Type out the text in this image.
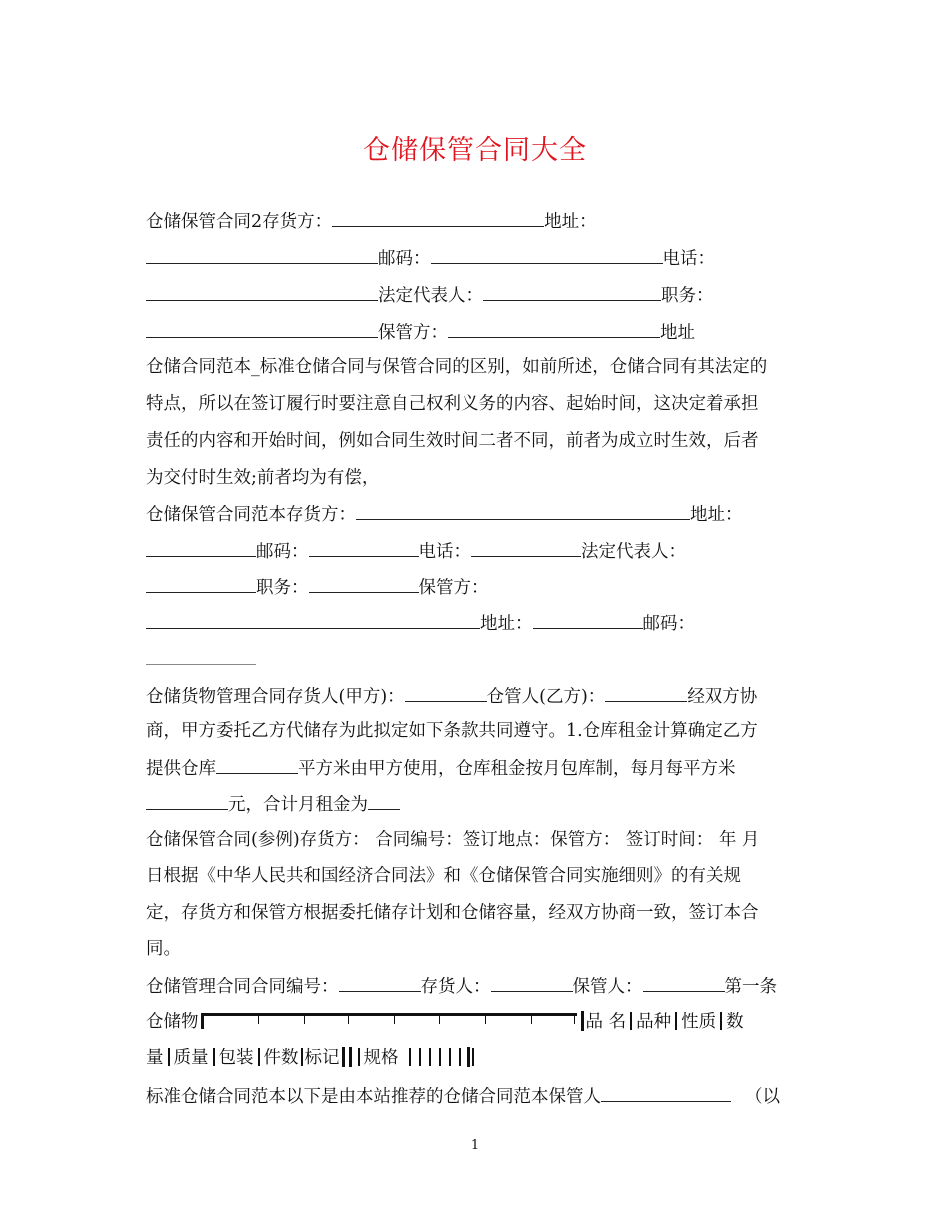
仓储保管合同大全
仓储保管合同2存货方：	地址：
邮码：	电话：
法定代表人：	职务：
保管方：	地址
仓储合同范本_标准仓储合同与保管合同的区别，如前所述，仓储合同有其法定的
特点，所以在签订履行时要注意自己权利义务的内容、起始时间，这决定着承担
责任的内容和开始时间，例如合同生效时间二者不同，前者为成立时生效，后者
为交付时生效;前者均为有偿，
仓储保管合同范本存货方：	地址：
邮码：	电话：	法定代表人：
职务：	保管方：
地址：	邮码：
仓储货物管理合同存货人(甲方)：	仓管人(乙方)：	经双方协
商，甲方委托乙方代储存为此拟定如下条款共同遵守。1.仓库租金计算确定乙方
提供仓库	平方米由甲方使用，仓库租金按月包库制，每月每平方米
元，合计月租金为
仓储保管合同(参例)存货方： 合同编号：签订地点：保管方： 签订时间： 年 月
日根据《中华人民共和国经济合同法》和《仓储保管合同实施细则》的有关规
定，存货方和保管方根据委托储存计划和仓储容量，经双方协商一致，签订本合
同。
仓储管理合同合同编号：	存货人：	保管人：	第一条
仓储物	品 名 品种 性质 数
量 质量 包装 件数 标记 规格
标准仓储合同范本以下是由本站推荐的仓储合同范本保管人	（以
1
